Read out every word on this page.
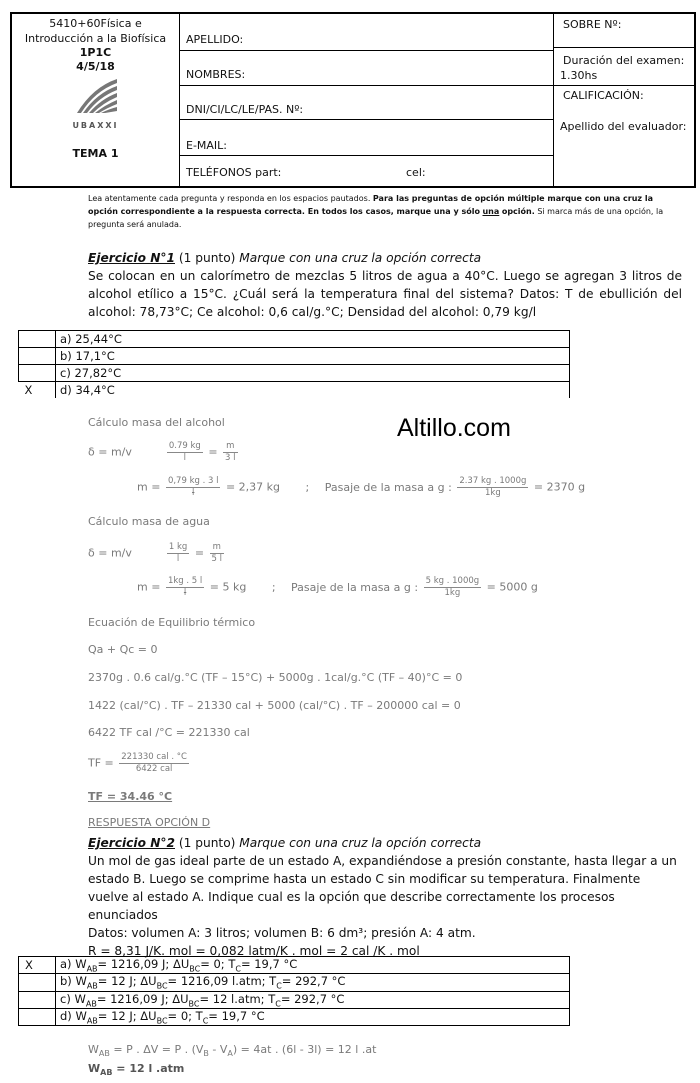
5410+60Física e Introducción a la Biofísica
1P1C
4/5/18
UBAXXI
TEMA 1
APELLIDO:
NOMBRES:
DNI/CI/LC/LE/PAS. Nº:
E-MAIL:
TELÉFONOS part:	cel:
SOBRE Nº:
Duración del examen:
1.30hs
CALIFICACIÓN:
Apellido del evaluador:
Lea atentamente cada pregunta y responda en los espacios pautados. Para las preguntas de opción múltiple marque con una cruz la opción correspondiente a la respuesta correcta. En todos los casos, marque una y sólo una opción. Si marca más de una opción, la pregunta será anulada.
Ejercicio N°1 (1 punto) Marque con una cruz la opción correcta
Se colocan en un calorímetro de mezclas 5 litros de agua a 40°C. Luego se agregan 3 litros de alcohol etílico a 15°C. ¿Cuál será la temperatura final del sistema? Datos: T de ebullición del alcohol: 78,73°C; Ce alcohol: 0,6 cal/g.°C; Densidad del alcohol: 0,79 kg/l
	a) 25,44°C
	b) 17,1°C
	c) 27,82°C
X	d) 34,4°C
Altillo.com
Cálculo masa del alcohol
δ = m/v	$\frac{0.79 kg}{l} = \frac{m}{3 l}$
$m = \frac{0,79 kg . 3 l}{l} = 2,37$ kg ; Pasaje de la masa a g : $\frac{2.37 kg . 1000g}{1kg} = 2370$ g
Cálculo masa de agua
δ = m/v	$\frac{1 kg}{l} = \frac{m}{5 l}$
$m = \frac{1kg . 5 l}{l} = 5$ kg ; Pasaje de la masa a g : $\frac{5 kg . 1000g}{1kg} = 5000$ g
Ecuación de Equilibrio térmico
Qa + Qc = 0
2370g . 0.6 cal/g.°C (TF – 15°C) + 5000g . 1cal/g.°C (TF – 40)°C = 0
1422 (cal/°C) . TF – 21330 cal + 5000 (cal/°C) . TF – 200000 cal = 0
6422 TF cal /°C = 221330 cal
TF = $\frac{\text{221330 cal . °C}}{\text{6422 cal}}$
TF = 34.46 °C
RESPUESTA OPCIÓN D
Ejercicio N°2 (1 punto) Marque con una cruz la opción correcta
Un mol de gas ideal parte de un estado A, expandiéndose a presión constante, hasta llegar a un estado B. Luego se comprime hasta un estado C sin modificar su temperatura. Finalmente vuelve al estado A. Indique cual es la opción que describe correctamente los procesos enunciados
Datos: volumen A: 3 litros; volumen B: 6 dm³; presión A: 4 atm.
R = 8,31 J/K. mol = 0,082 latm/K . mol = 2 cal /K . mol
X	a) $W_{AB}= 1216,09$ J; $\Delta U_{BC}= 0$; $T_C= 19,7$ °C
	b) $W_{AB}= 12$ J; $\Delta U_{BC}= 1216,09$ l.atm; $T_C= 292,7$ °C
	c) $W_{AB}= 1216,09$ J; $\Delta U_{BC}= 12$ l.atm; $T_C= 292,7$ °C
	d) $W_{AB}= 12$ J; $\Delta U_{BC}= 0$; $T_C= 19,7$ °C
$W_{AB} = P$ . ΔV = P . $(V_B - V_A) = 4at$ . (6l - 3l) = 12 l .at
$W_{AB} = 12$ l .atm
